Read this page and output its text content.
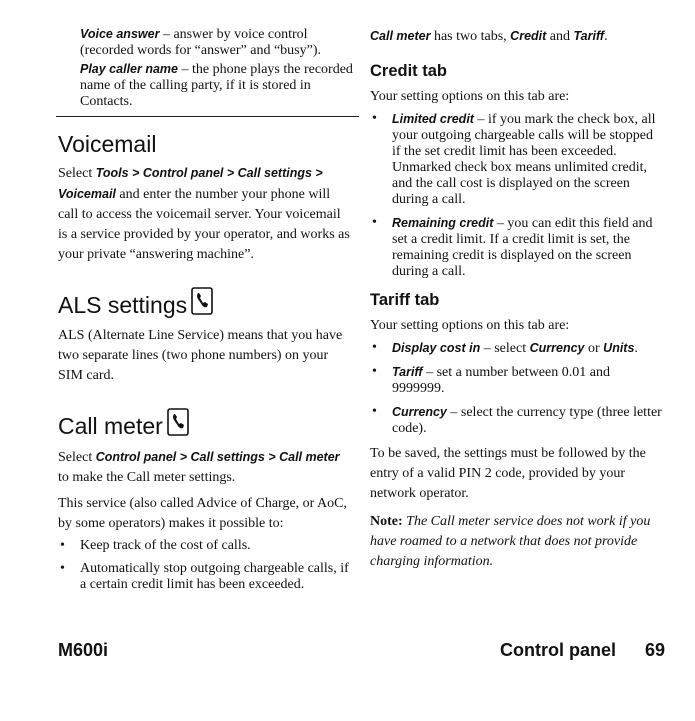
Voice answer – answer by voice control (recorded words for “answer” and “busy”).
Play caller name – the phone plays the recorded name of the calling party, if it is stored in Contacts.
Voicemail

Select Tools > Control panel > Call settings > Voicemail and enter the number your phone will call to access the voicemail server. Your voicemail is a service provided by your operator, and works as your private “answering machine”.

ALS settings

ALS (Alternate Line Service) means that you have two separate lines (two phone numbers) on your SIM card.

Call meter

Select Control panel > Call settings > Call meter to make the Call meter settings.

This service (also called Advice of Charge, or AoC, by some operators) makes it possible to:

• Keep track of the cost of calls.
• Automatically stop outgoing chargeable calls, if a certain credit limit has been exceeded.

Call meter has two tabs, Credit and Tariff.

Credit tab

Your setting options on this tab are:

• Limited credit – if you mark the check box, all your outgoing chargeable calls will be stopped if the set credit limit has been exceeded. Unmarked check box means unlimited credit, and the call cost is displayed on the screen during a call.
• Remaining credit – you can edit this field and set a credit limit. If a credit limit is set, the remaining credit is displayed on the screen during a call.
Tariff tab

Your setting options on this tab are:

• Display cost in – select Currency or Units.
• Tariff – set a number between 0.01 and 9999999.
• Currency – select the currency type (three letter code).

To be saved, the settings must be followed by the entry of a valid PIN 2 code, provided by your network operator.

Note: The Call meter service does not work if you have roamed to a network that does not provide charging information.

M600i	Control panel 69
